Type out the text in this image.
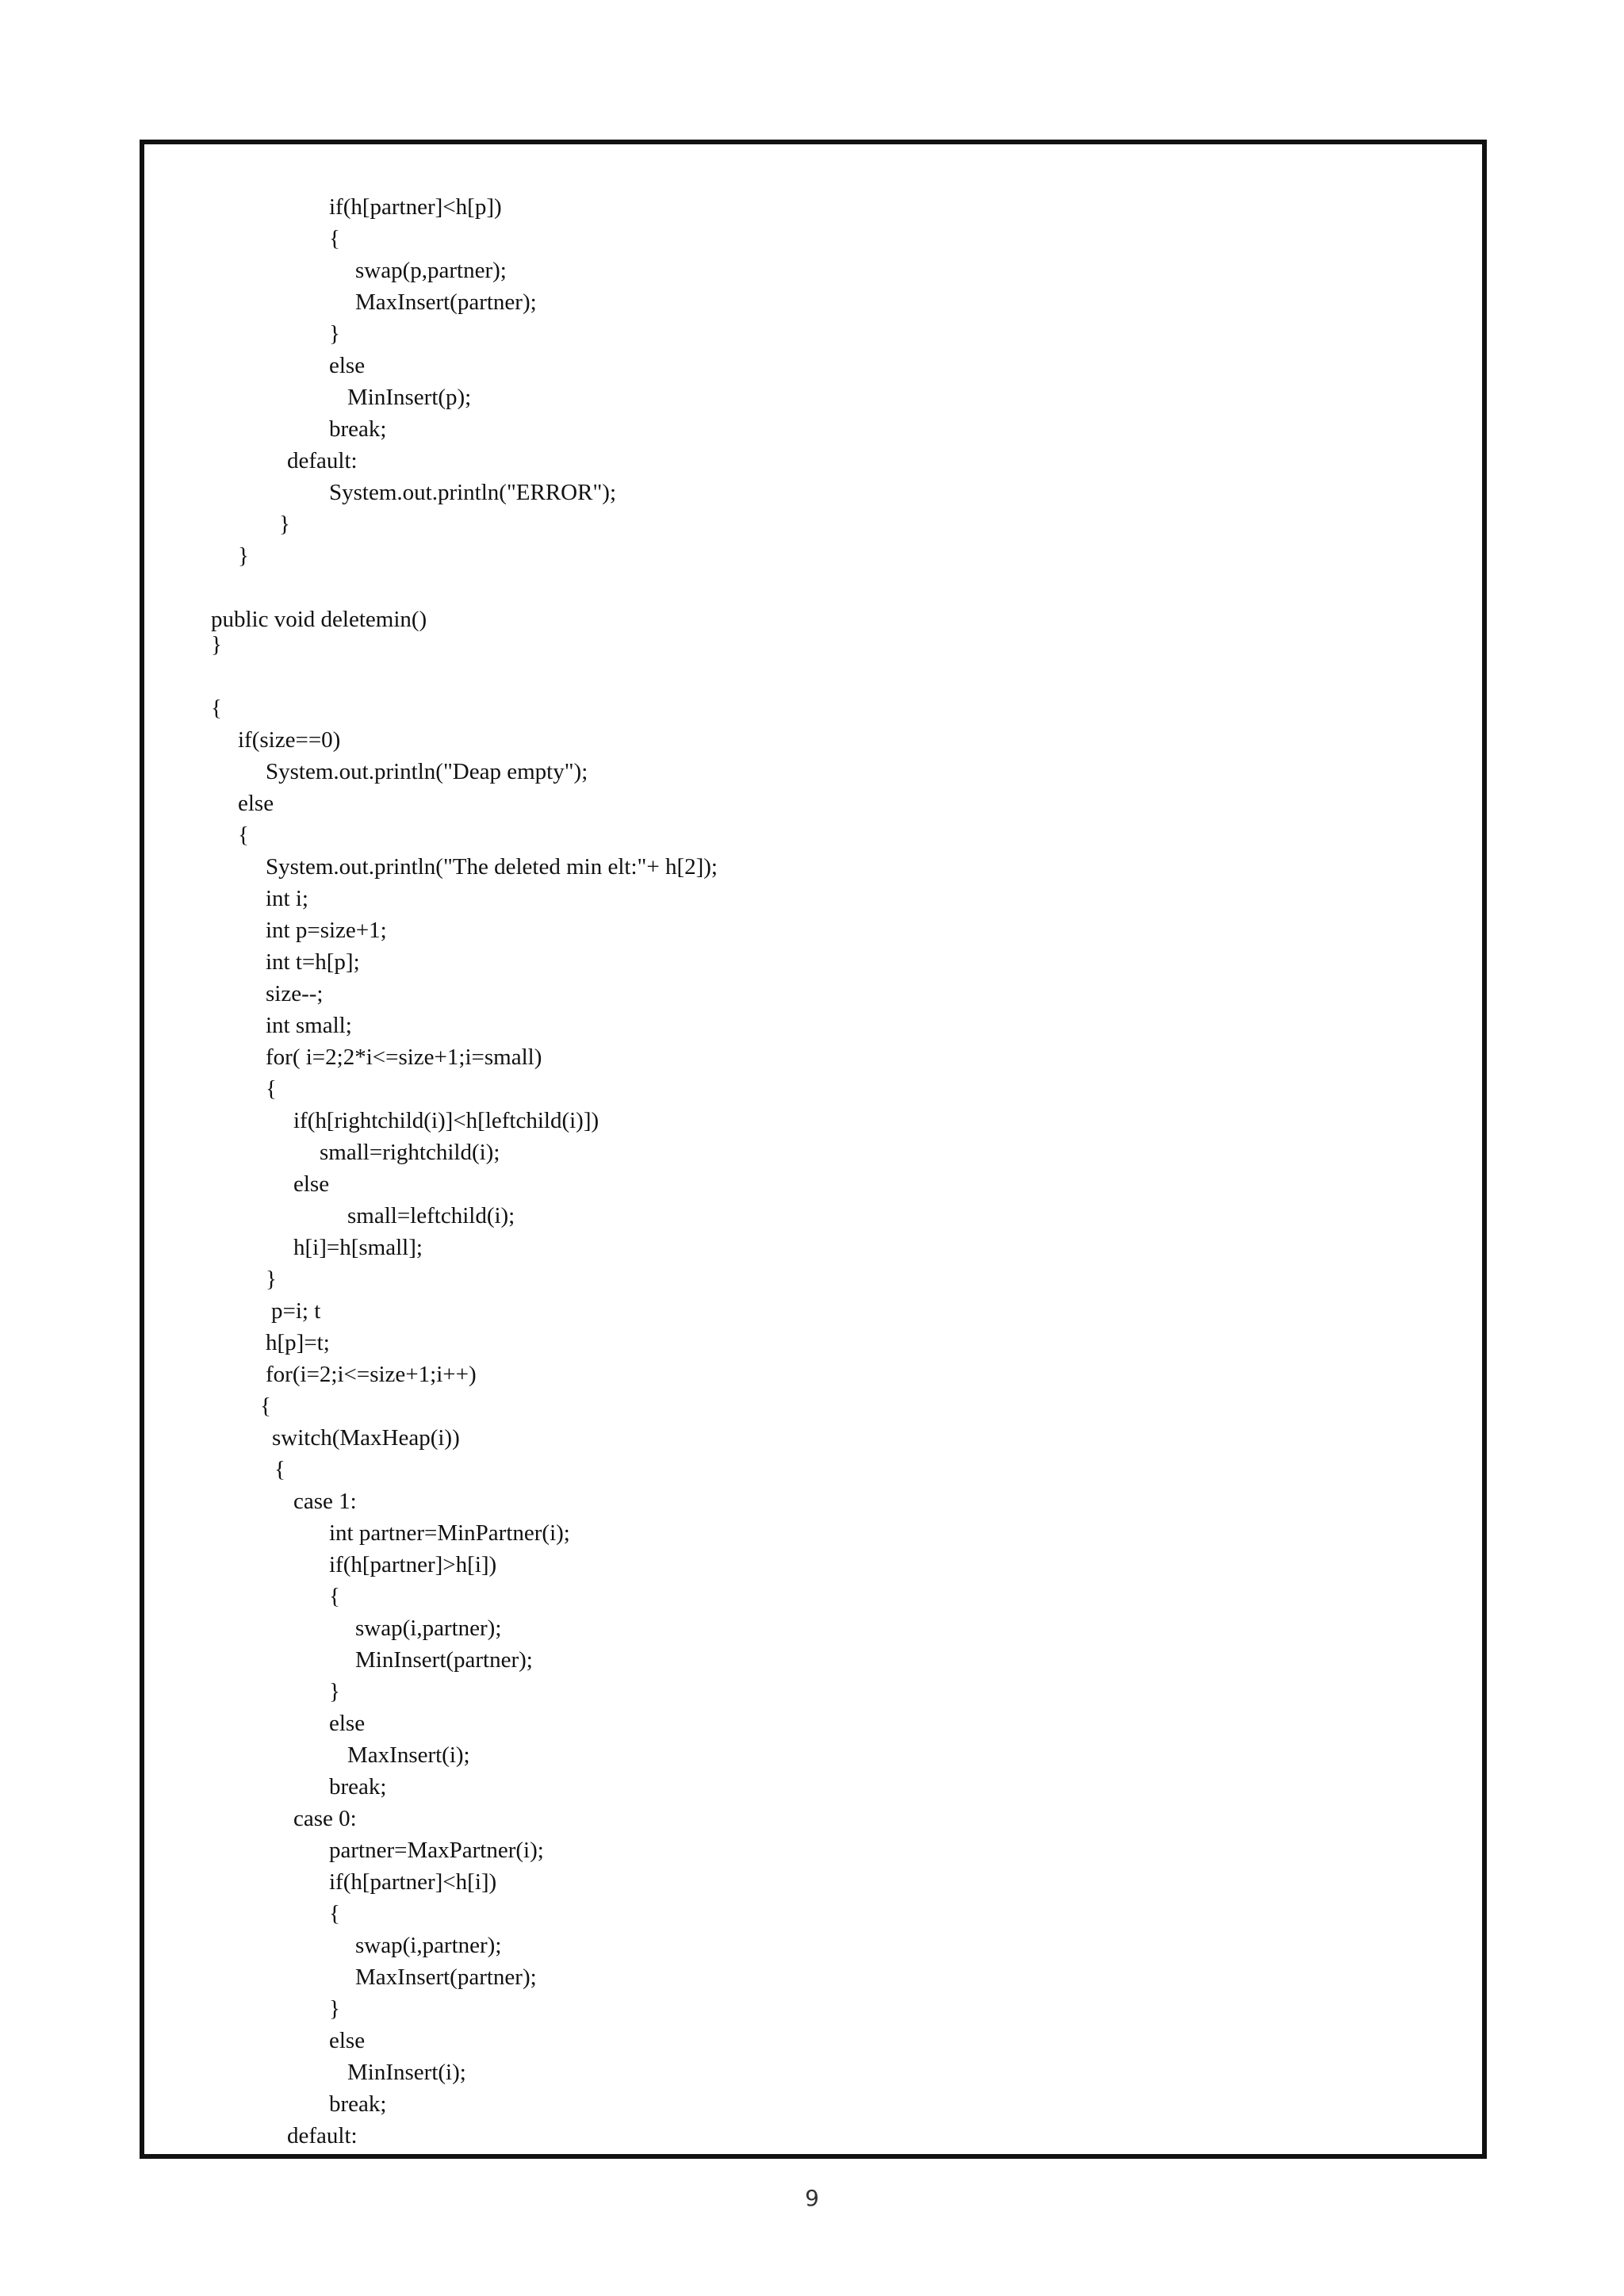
if(h[partner]<h[p])
{
swap(p,partner);
MaxInsert(partner);
}
else
MinInsert(p);
break;
default:
System.out.println("ERROR");
}
}
public void deletemin()
}
{
if(size==0)
System.out.println("Deap empty");
else
{
System.out.println("The deleted min elt:"+ h[2]);
int i;
int p=size+1;
int t=h[p];
size--;
int small;
for( i=2;2*i<=size+1;i=small)
{
if(h[rightchild(i)]<h[leftchild(i)])
small=rightchild(i);
else
small=leftchild(i);
h[i]=h[small];
}
p=i; t
h[p]=t;
for(i=2;i<=size+1;i++)
{
switch(MaxHeap(i))
{
case 1:
int partner=MinPartner(i);
if(h[partner]>h[i])
{
swap(i,partner);
MinInsert(partner);
}
else
MaxInsert(i);
break;
case 0:
partner=MaxPartner(i);
if(h[partner]<h[i])
{
swap(i,partner);
MaxInsert(partner);
}
else
MinInsert(i);
break;
default:
9
